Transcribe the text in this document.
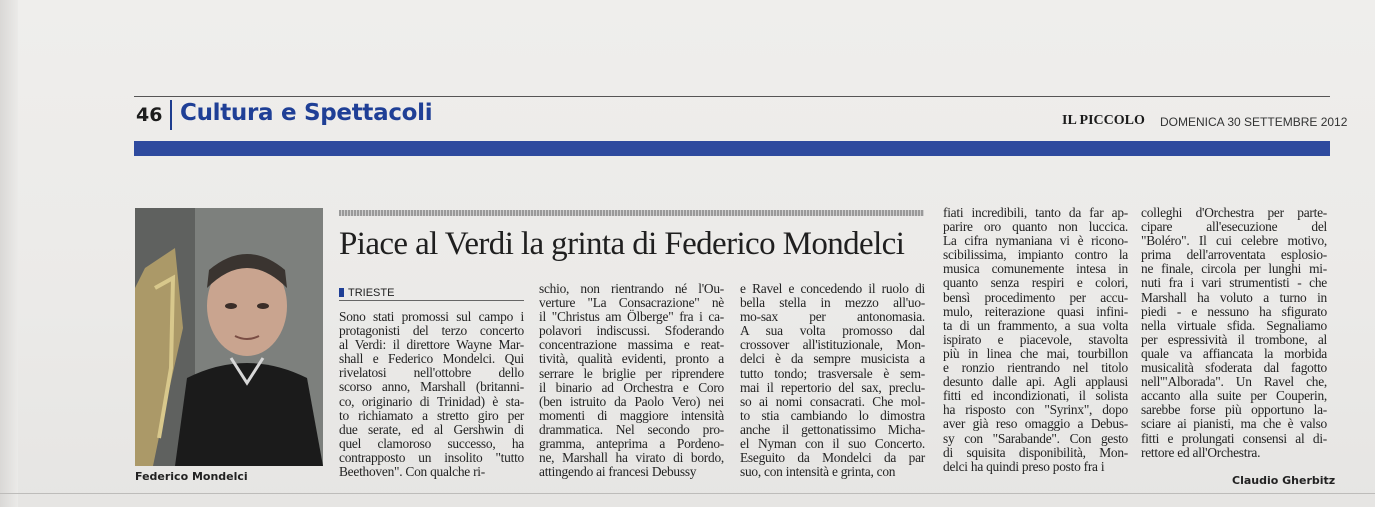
46 Cultura e Spettacoli	IL PICCOLO DOMENICA 30 SETTEMBRE 2012
Federico Mondelci
Piace al Verdi la grinta di Federico Mondelci
TRIESTE
Sono stati promossi sul campo i
protagonisti del terzo concerto
al Verdi: il direttore Wayne Mar-
shall e Federico Mondelci. Qui
rivelatosi nell'ottobre dello
scorso anno, Marshall (britanni-
co, originario di Trinidad) è sta-
to richiamato a stretto giro per
due serate, ed al Gershwin di
quel clamoroso successo, ha
contrapposto un insolito "tutto
Beethoven". Con qualche ri-
schio, non rientrando né l'Ou-
verture "La Consacrazione" nè
il "Christus am Ölberge" fra i ca-
polavori indiscussi. Sfoderando
concentrazione massima e reat-
tività, qualità evidenti, pronto a
serrare le briglie per riprendere
il binario ad Orchestra e Coro
(ben istruito da Paolo Vero) nei
momenti di maggiore intensità
drammatica. Nel secondo pro-
gramma, anteprima a Pordeno-
ne, Marshall ha virato di bordo,
attingendo ai francesi Debussy
e Ravel e concedendo il ruolo di
bella stella in mezzo all'uo-
mo-sax per antonomasia.
A sua volta promosso dal
crossover all'istituzionale, Mon-
delci è da sempre musicista a
tutto tondo; trasversale è sem-
mai il repertorio del sax, preclu-
so ai nomi consacrati. Che mol-
to stia cambiando lo dimostra
anche il gettonatissimo Micha-
el Nyman con il suo Concerto.
Eseguito da Mondelci da par
suo, con intensità e grinta, con
fiati incredibili, tanto da far ap-
parire oro quanto non luccica.
La cifra nymaniana vi è ricono-
scibilissima, impianto contro la
musica comunemente intesa in
quanto senza respiri e colori,
bensì procedimento per accu-
mulo, reiterazione quasi infini-
ta di un frammento, a sua volta
ispirato e piacevole, stavolta
più in linea che mai, tourbillon
e ronzio rientrando nel titolo
desunto dalle api. Agli applausi
fitti ed incondizionati, il solista
ha risposto con "Syrinx", dopo
aver già reso omaggio a Debus-
sy con "Sarabande". Con gesto
di squisita disponibilità, Mon-
delci ha quindi preso posto fra i
colleghi d'Orchestra per parte-
cipare all'esecuzione del
"Boléro". Il cui celebre motivo,
prima dell'arroventata esplosio-
ne finale, circola per lunghi mi-
nuti fra i vari strumentisti - che
Marshall ha voluto a turno in
piedi - e nessuno ha sfigurato
nella virtuale sfida. Segnaliamo
per espressività il trombone, al
quale va affiancata la morbida
musicalità sfoderata dal fagotto
nell'"Alborada". Un Ravel che,
accanto alla suite per Couperin,
sarebbe forse più opportuno la-
sciare ai pianisti, ma che è valso
fitti e prolungati consensi al di-
rettore ed all'Orchestra.
Claudio Gherbitz
